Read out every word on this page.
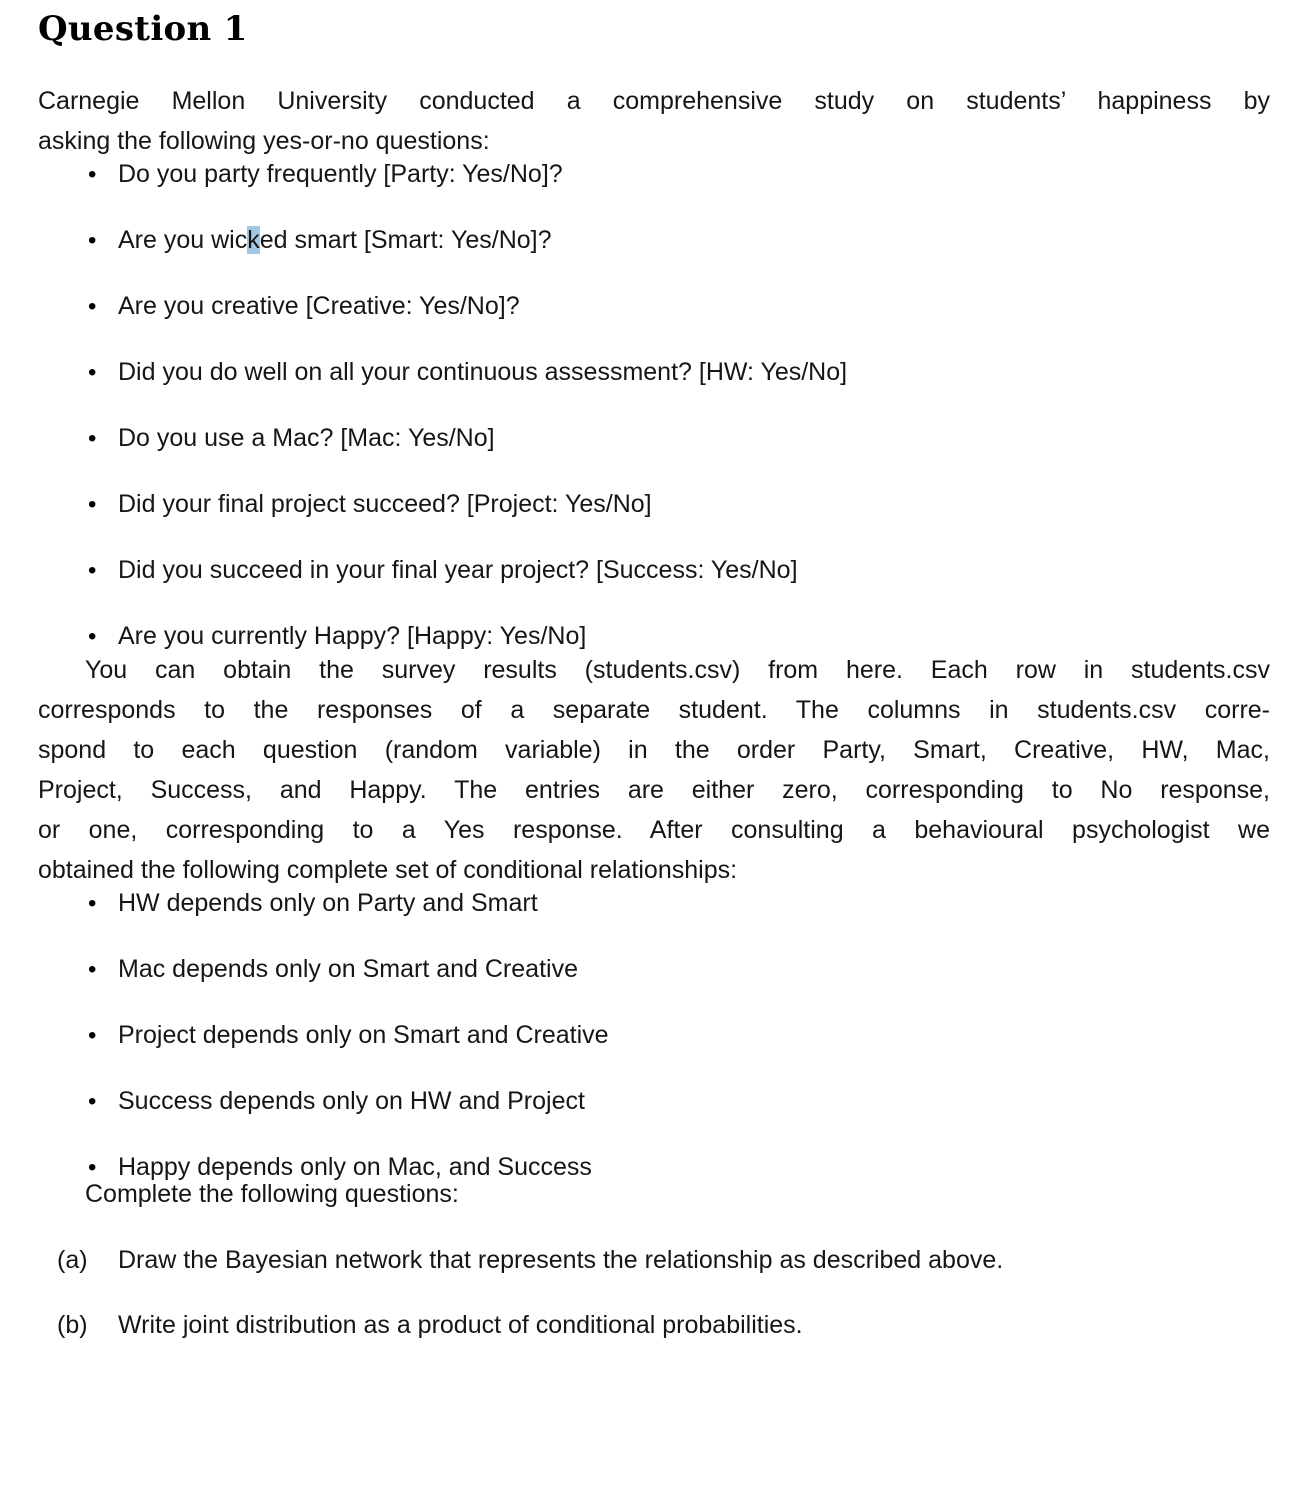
Question 1
Carnegie Mellon University conducted a comprehensive study on students’ happiness by
asking the following yes-or-no questions:
• Do you party frequently [Party: Yes/No]?
• Are you wicked smart [Smart: Yes/No]?
• Are you creative [Creative: Yes/No]?
• Did you do well on all your continuous assessment? [HW: Yes/No]
• Do you use a Mac? [Mac: Yes/No]
• Did your final project succeed? [Project: Yes/No]
• Did you succeed in your final year project? [Success: Yes/No]
• Are you currently Happy? [Happy: Yes/No]
You can obtain the survey results (students.csv) from here. Each row in students.csv
corresponds to the responses of a separate student. The columns in students.csv corre-
spond to each question (random variable) in the order Party, Smart, Creative, HW, Mac,
Project, Success, and Happy. The entries are either zero, corresponding to No response,
or one, corresponding to a Yes response. After consulting a behavioural psychologist we
obtained the following complete set of conditional relationships:
• HW depends only on Party and Smart
• Mac depends only on Smart and Creative
• Project depends only on Smart and Creative
• Success depends only on HW and Project
• Happy depends only on Mac, and Success
Complete the following questions:
(a)	Draw the Bayesian network that represents the relationship as described above.
(b)	Write joint distribution as a product of conditional probabilities.
